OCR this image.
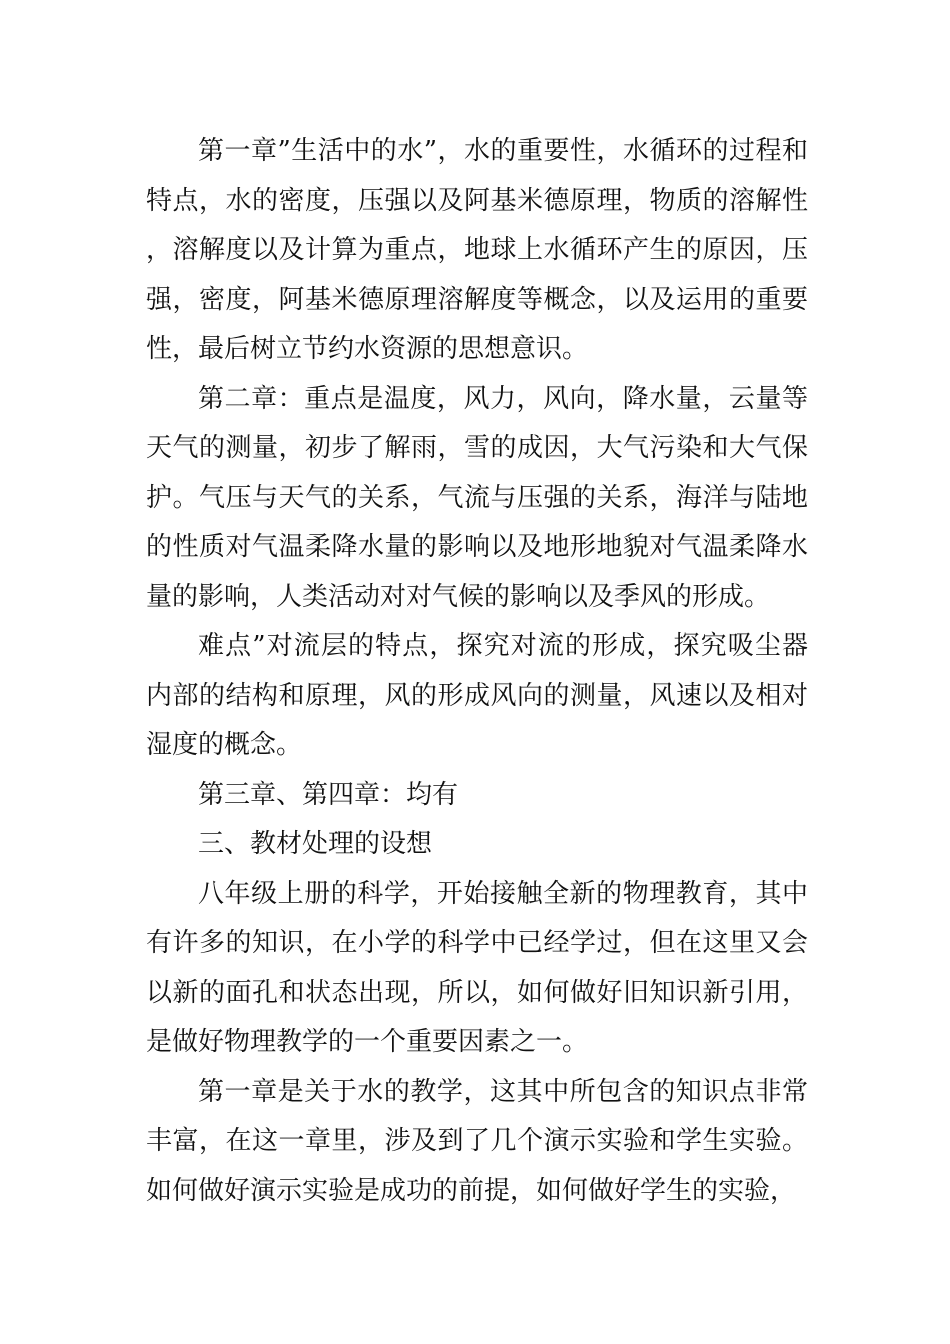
第一章”生活中的水”，水的重要性，水循环的过程和特点，水的密度，压强以及阿基米德原理，物质的溶解性，溶解度以及计算为重点，地球上水循环产生的原因，压强，密度，阿基米德原理溶解度等概念，以及运用的重要性，最后树立节约水资源的思想意识。

第二章：重点是温度，风力，风向，降水量，云量等天气的测量，初步了解雨，雪的成因，大气污染和大气保护。气压与天气的关系，气流与压强的关系，海洋与陆地的性质对气温柔降水量的影响以及地形地貌对气温柔降水量的影响，人类活动对对气候的影响以及季风的形成。

难点”对流层的特点，探究对流的形成，探究吸尘器内部的结构和原理，风的形成风向的测量，风速以及相对湿度的概念。

第三章、第四章：均有

三、教材处理的设想

八年级上册的科学，开始接触全新的物理教育，其中有许多的知识，在小学的科学中已经学过，但在这里又会以新的面孔和状态出现，所以，如何做好旧知识新引用，是做好物理教学的一个重要因素之一。

第一章是关于水的教学，这其中所包含的知识点非常丰富，在这一章里，涉及到了几个演示实验和学生实验。如何做好演示实验是成功的前提，如何做好学生的实验，
